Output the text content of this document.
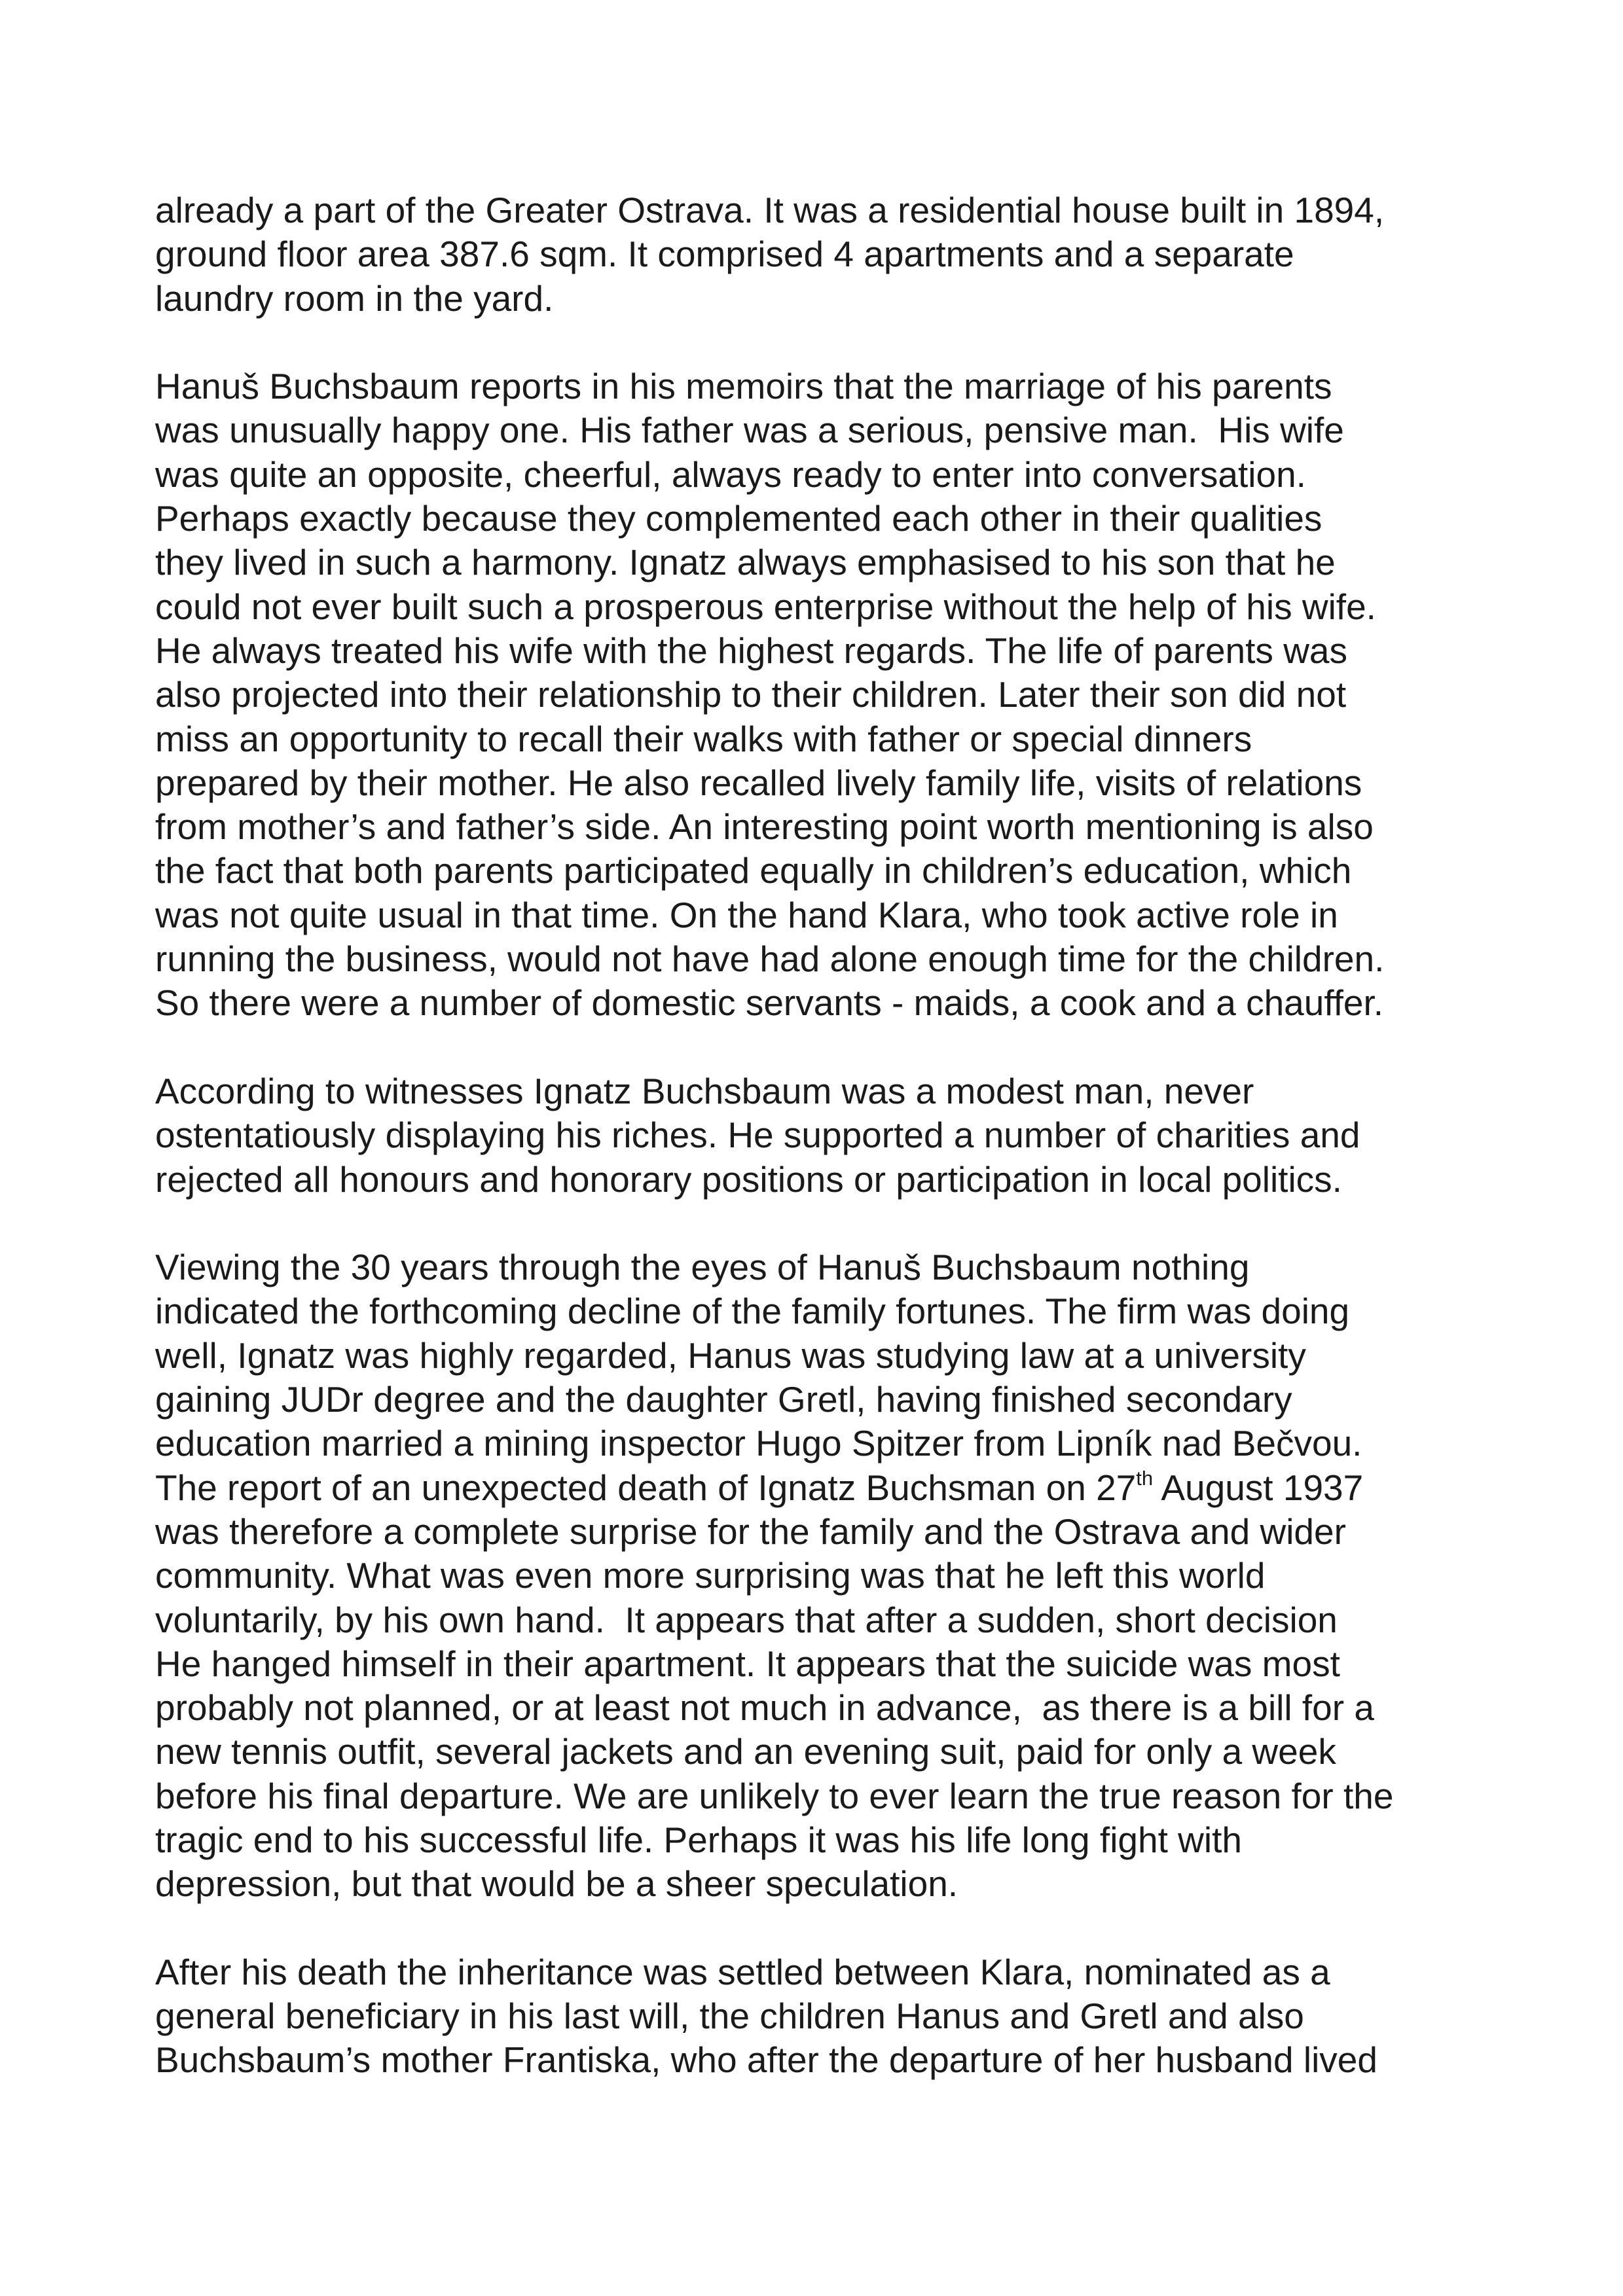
already a part of the Greater Ostrava. It was a residential house built in 1894,
ground floor area 387.6 sqm. It comprised 4 apartments and a separate
laundry room in the yard.

Hanuš Buchsbaum reports in his memoirs that the marriage of his parents
was unusually happy one. His father was a serious, pensive man.  His wife
was quite an opposite, cheerful, always ready to enter into conversation.
Perhaps exactly because they complemented each other in their qualities
they lived in such a harmony. Ignatz always emphasised to his son that he
could not ever built such a prosperous enterprise without the help of his wife.
He always treated his wife with the highest regards. The life of parents was
also projected into their relationship to their children. Later their son did not
miss an opportunity to recall their walks with father or special dinners
prepared by their mother. He also recalled lively family life, visits of relations
from mother’s and father’s side. An interesting point worth mentioning is also
the fact that both parents participated equally in children’s education, which
was not quite usual in that time. On the hand Klara, who took active role in
running the business, would not have had alone enough time for the children.
So there were a number of domestic servants - maids, a cook and a chauffer.

According to witnesses Ignatz Buchsbaum was a modest man, never
ostentatiously displaying his riches. He supported a number of charities and
rejected all honours and honorary positions or participation in local politics.

Viewing the 30 years through the eyes of Hanuš Buchsbaum nothing
indicated the forthcoming decline of the family fortunes. The firm was doing
well, Ignatz was highly regarded, Hanus was studying law at a university
gaining JUDr degree and the daughter Gretl, having finished secondary
education married a mining inspector Hugo Spitzer from Lipník nad Bečvou.
The report of an unexpected death of Ignatz Buchsman on 27th August 1937
was therefore a complete surprise for the family and the Ostrava and wider
community. What was even more surprising was that he left this world
voluntarily, by his own hand.  It appears that after a sudden, short decision
He hanged himself in their apartment. It appears that the suicide was most
probably not planned, or at least not much in advance,  as there is a bill for a
new tennis outfit, several jackets and an evening suit, paid for only a week
before his final departure. We are unlikely to ever learn the true reason for the
tragic end to his successful life. Perhaps it was his life long fight with
depression, but that would be a sheer speculation.

After his death the inheritance was settled between Klara, nominated as a
general beneficiary in his last will, the children Hanus and Gretl and also
Buchsbaum’s mother Frantiska, who after the departure of her husband lived
